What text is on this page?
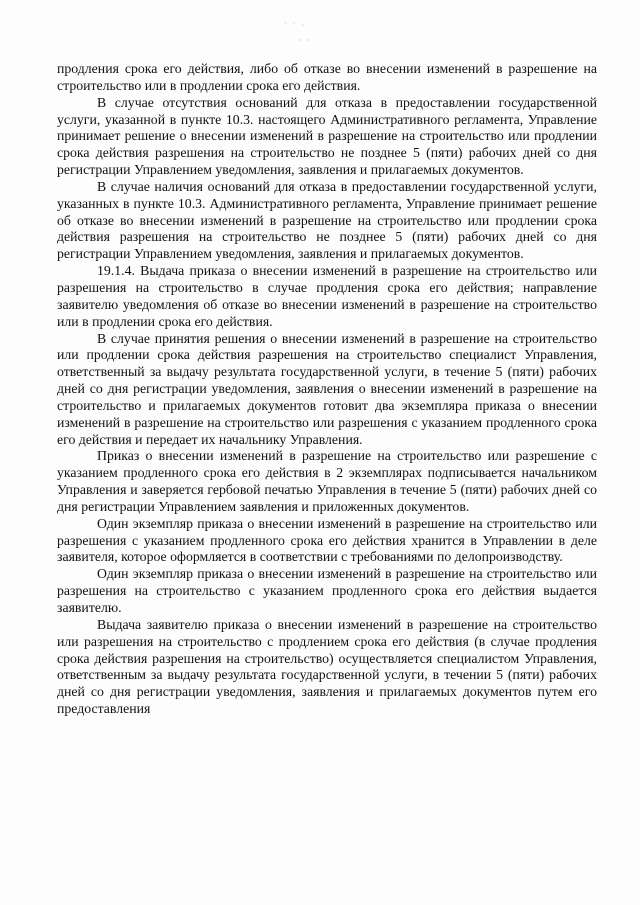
˙ ˙ ·
· ·

продления срока его действия, либо об отказе во внесении изменений в разрешение на строительство или в продлении срока его действия.

В случае отсутствия оснований для отказа в предоставлении государственной услуги, указанной в пункте 10.3. настоящего Административного регламента, Управление принимает решение о внесении изменений в разрешение на строительство или продлении срока действия разрешения на строительство не позднее 5 (пяти) рабочих дней со дня регистрации Управлением уведомления, заявления и прилагаемых документов.

В случае наличия оснований для отказа в предоставлении государственной услуги, указанных в пункте 10.3. Административного регламента, Управление принимает решение об отказе во внесении изменений в разрешение на строительство или продлении срока действия разрешения на строительство не позднее 5 (пяти) рабочих дней со дня регистрации Управлением уведомления, заявления и прилагаемых документов.

19.1.4. Выдача приказа о внесении изменений в разрешение на строительство или разрешения на строительство в случае продления срока его действия; направление заявителю уведомления об отказе во внесении изменений в разрешение на строительство или в продлении срока его действия.

В случае принятия решения о внесении изменений в разрешение на строительство или продлении срока действия разрешения на строительство специалист Управления, ответственный за выдачу результата государственной услуги, в течение 5 (пяти) рабочих дней со дня регистрации уведомления, заявления о внесении изменений в разрешение на строительство и прилагаемых документов готовит два экземпляра приказа о внесении изменений в разрешение на строительство или разрешения с указанием продленного срока его действия и передает их начальнику Управления.

Приказ о внесении изменений в разрешение на строительство или разрешение с указанием продленного срока его действия в 2 экземплярах подписывается начальником Управления и заверяется гербовой печатью Управления в течение 5 (пяти) рабочих дней со дня регистрации Управлением заявления и приложенных документов.

Один экземпляр приказа о внесении изменений в разрешение на строительство или разрешения с указанием продленного срока его действия хранится в Управлении в деле заявителя, которое оформляется в соответствии с требованиями по делопроизводству.

Один экземпляр приказа о внесении изменений в разрешение на строительство или разрешения на строительство с указанием продленного срока его действия выдается заявителю.

Выдача заявителю приказа о внесении изменений в разрешение на строительство или разрешения на строительство с продлением срока его действия (в случае продления срока действия разрешения на строительство) осуществляется специалистом Управления, ответственным за выдачу результата государственной услуги, в течении 5 (пяти) рабочих дней со дня регистрации уведомления, заявления и прилагаемых документов путем его предоставления
